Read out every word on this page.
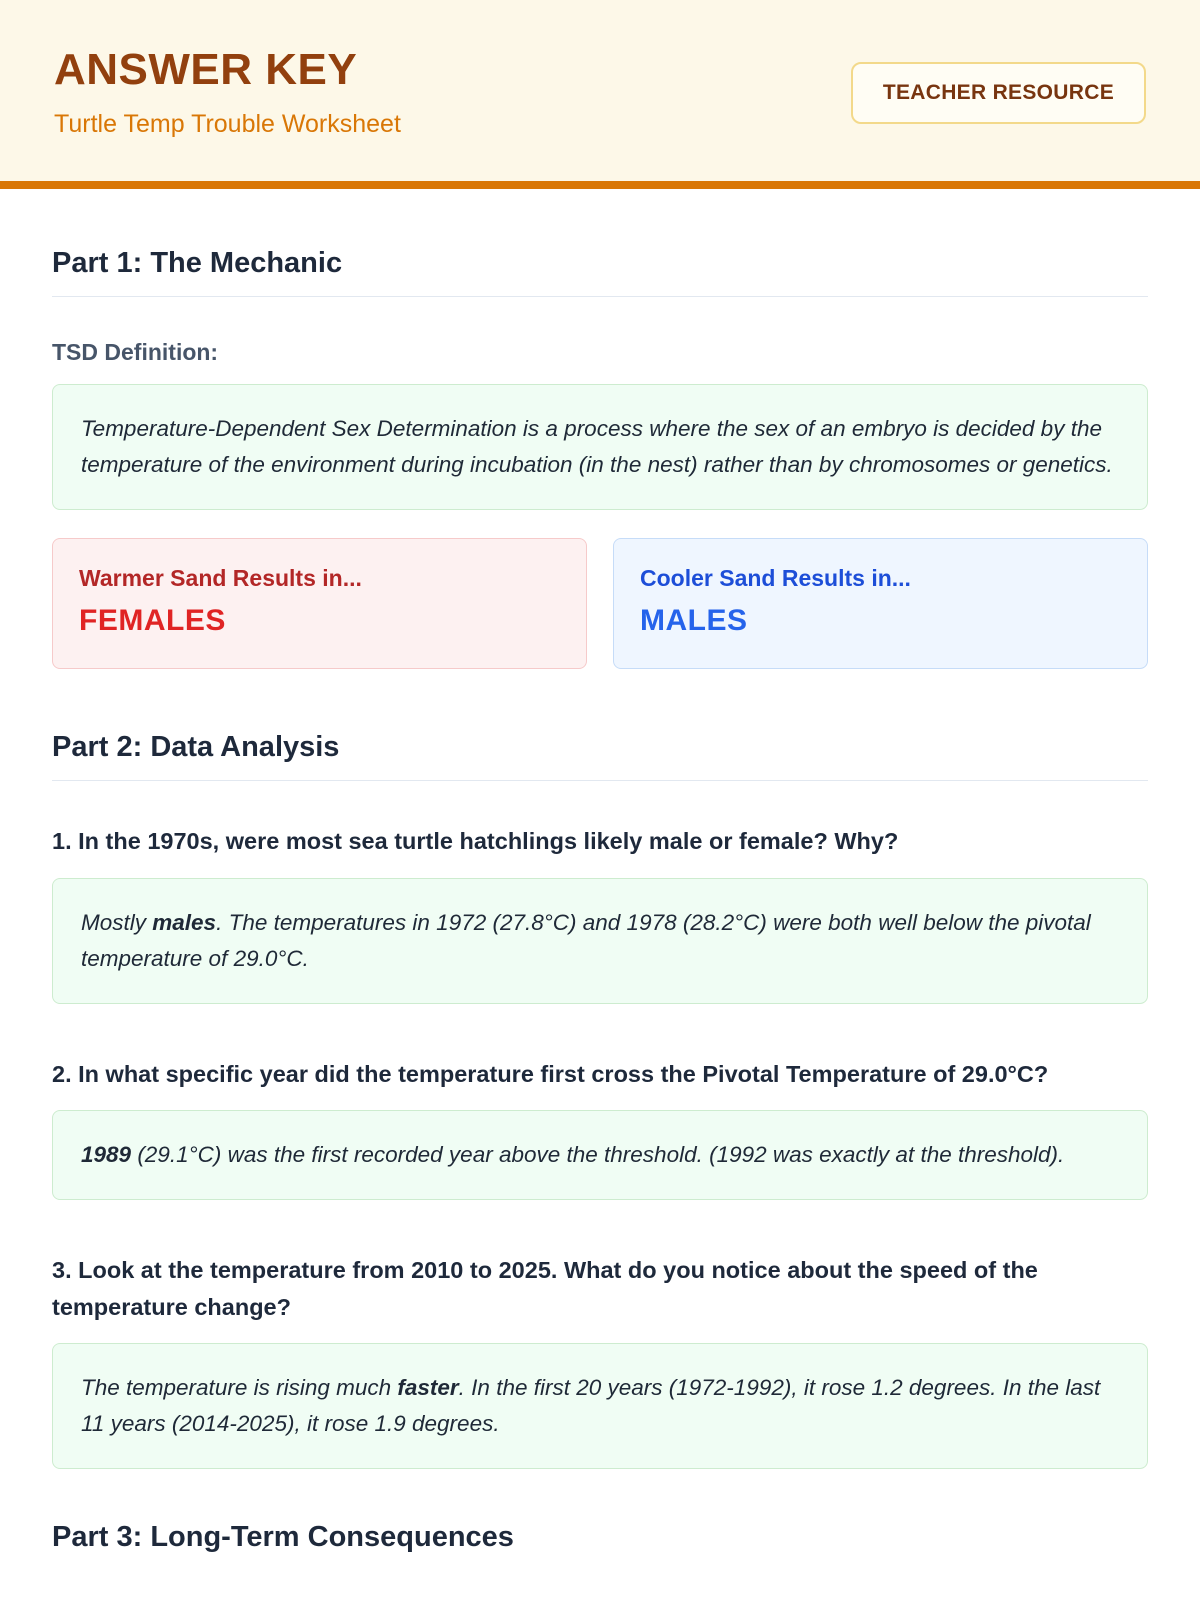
ANSWER KEY
Turtle Temp Trouble Worksheet
TEACHER RESOURCE
Part 1: The Mechanic
TSD Definition:
Temperature-Dependent Sex Determination is a process where the sex of an embryo is decided by the temperature of the environment during incubation (in the nest) rather than by chromosomes or genetics.
Warmer Sand Results in...
FEMALES
Cooler Sand Results in...
MALES
Part 2: Data Analysis
1. In the 1970s, were most sea turtle hatchlings likely male or female? Why?
Mostly males. The temperatures in 1972 (27.8°C) and 1978 (28.2°C) were both well below the pivotal temperature of 29.0°C.
2. In what specific year did the temperature first cross the Pivotal Temperature of 29.0°C?
1989 (29.1°C) was the first recorded year above the threshold. (1992 was exactly at the threshold).
3. Look at the temperature from 2010 to 2025. What do you notice about the speed of the temperature change?
The temperature is rising much faster. In the first 20 years (1972-1992), it rose 1.2 degrees. In the last 11 years (2014-2025), it rose 1.9 degrees.
Part 3: Long-Term Consequences
